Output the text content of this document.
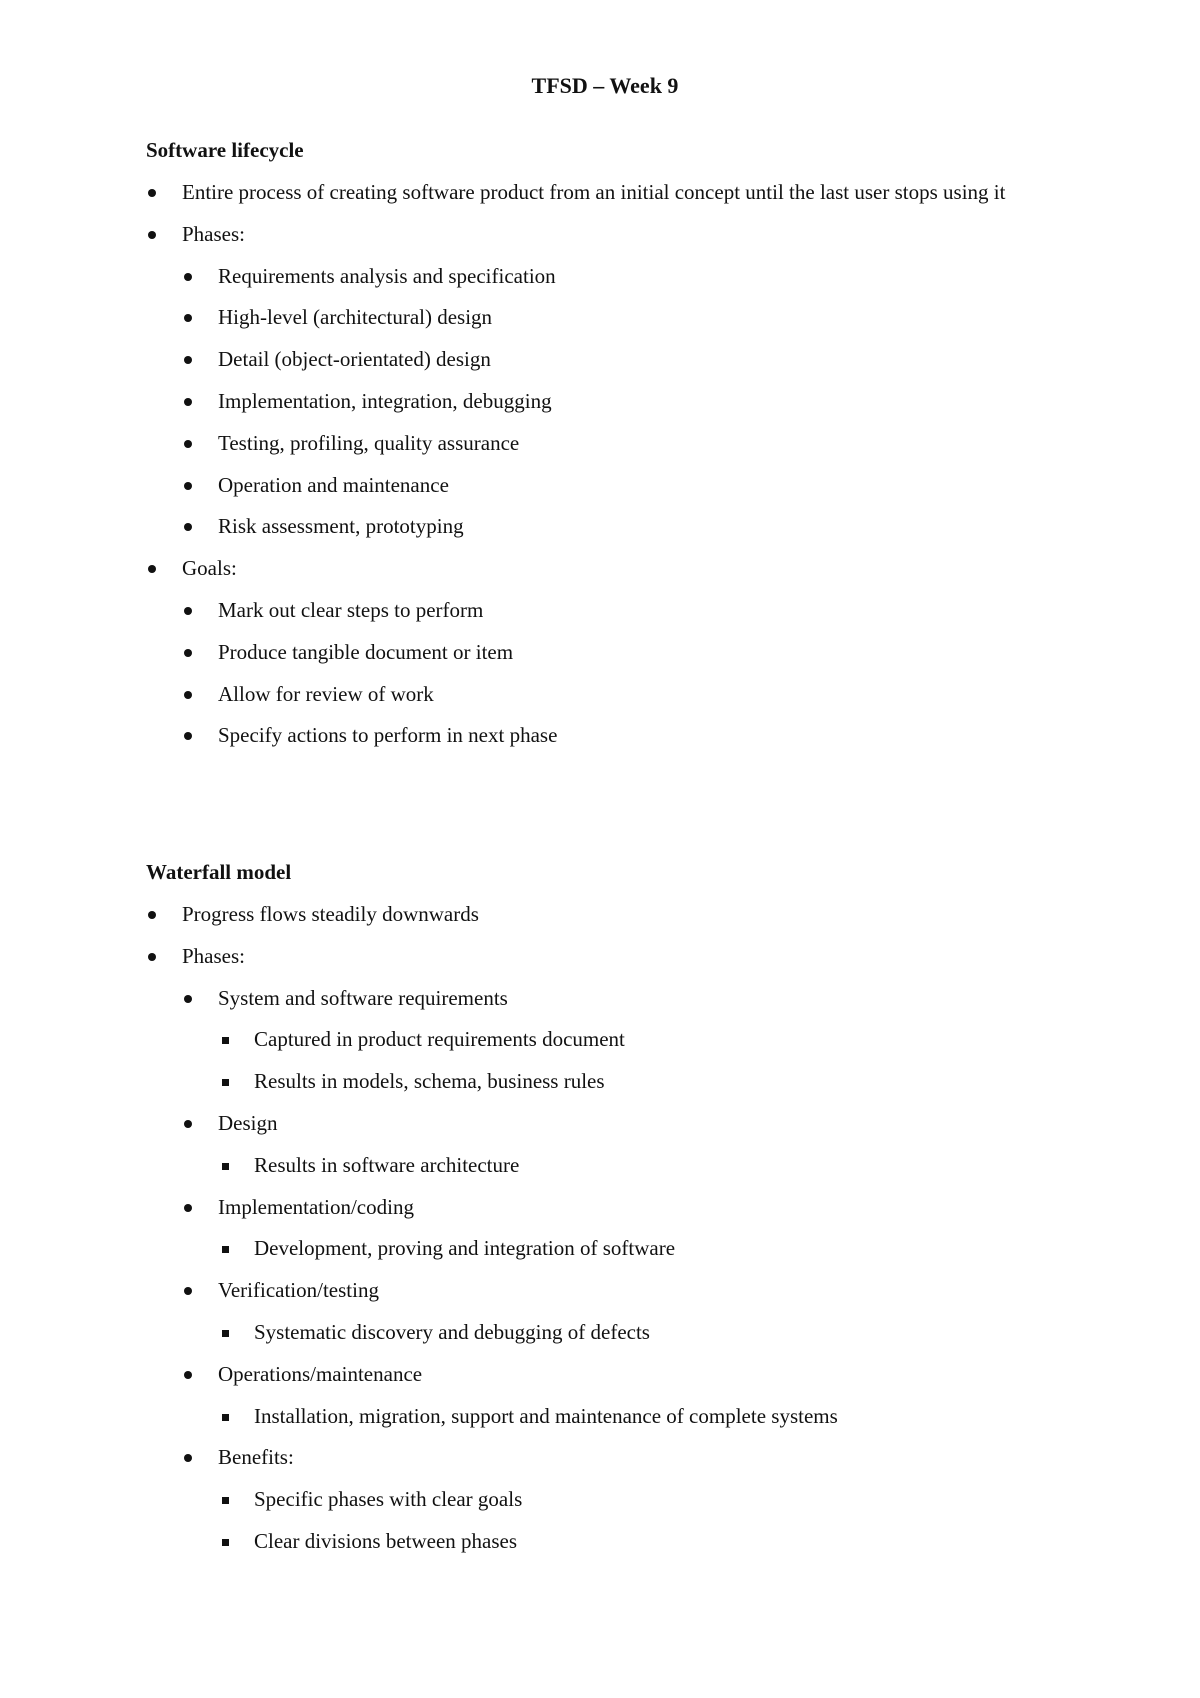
TFSD – Week 9
Software lifecycle
Entire process of creating software product from an initial concept until the last user stops using it
Phases:
Requirements analysis and specification
High-level (architectural) design
Detail (object-orientated) design
Implementation, integration, debugging
Testing, profiling, quality assurance
Operation and maintenance
Risk assessment, prototyping
Goals:
Mark out clear steps to perform
Produce tangible document or item
Allow for review of work
Specify actions to perform in next phase
Waterfall model
Progress flows steadily downwards
Phases:
System and software requirements
Captured in product requirements document
Results in models, schema, business rules
Design
Results in software architecture
Implementation/coding
Development, proving and integration of software
Verification/testing
Systematic discovery and debugging of defects
Operations/maintenance
Installation, migration, support and maintenance of complete systems
Benefits:
Specific phases with clear goals
Clear divisions between phases
